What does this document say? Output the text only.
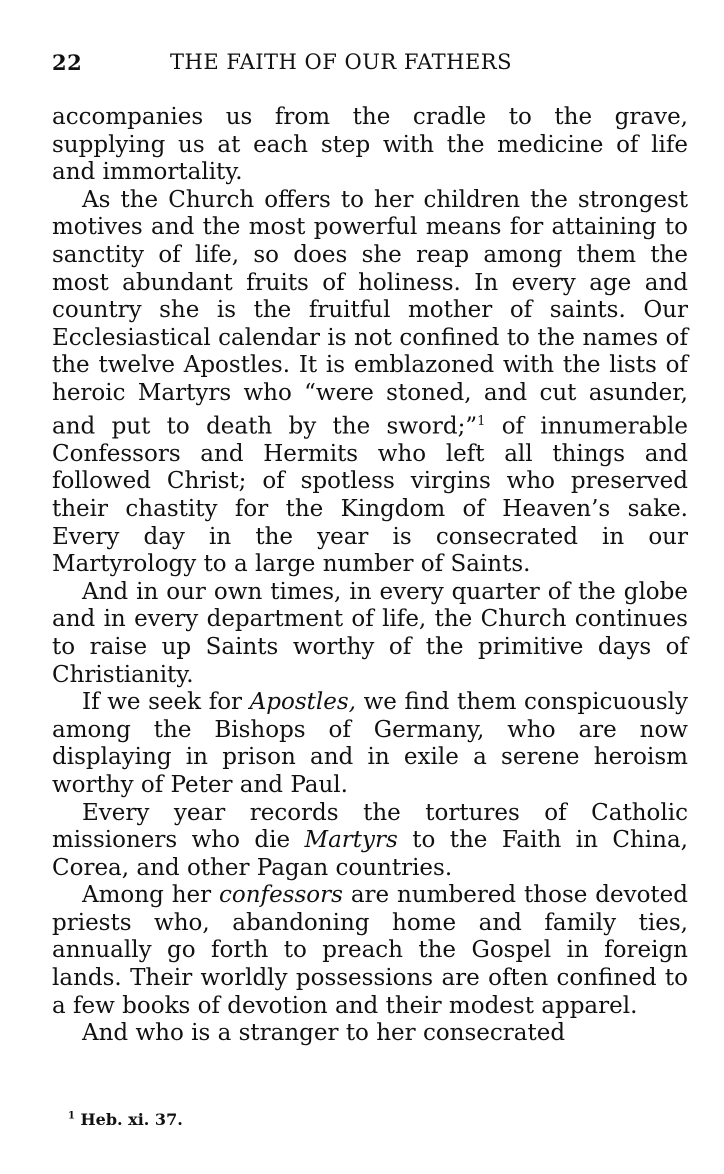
22	THE FAITH OF OUR FATHERS

accompanies us from the cradle to the grave, supplying us at each step with the medicine of life and immortality.

As the Church offers to her children the strongest motives and the most powerful means for attaining to sanctity of life, so does she reap among them the most abundant fruits of holiness. In every age and country she is the fruitful mother of saints. Our Ecclesiastical calendar is not confined to the names of the twelve Apostles. It is emblazoned with the lists of heroic Martyrs who “were stoned, and cut asunder, and put to death by the sword;”$^1$ of innumerable Confessors and Hermits who left all things and followed Christ; of spotless virgins who preserved their chastity for the Kingdom of Heaven’s sake. Every day in the year is consecrated in our Martyrology to a large number of Saints.

And in our own times, in every quarter of the globe and in every department of life, the Church continues to raise up Saints worthy of the primitive days of Christianity.

If we seek for Apostles, we find them conspicuously among the Bishops of Germany, who are now displaying in prison and in exile a serene heroism worthy of Peter and Paul.

Every year records the tortures of Catholic missioners who die Martyrs to the Faith in China, Corea, and other Pagan countries.

Among her confessors are numbered those devoted priests who, abandoning home and family ties, annually go forth to preach the Gospel in foreign lands. Their worldly possessions are often confined to a few books of devotion and their modest apparel.

And who is a stranger to her consecrated

$^1$ Heb. xi. 37.
